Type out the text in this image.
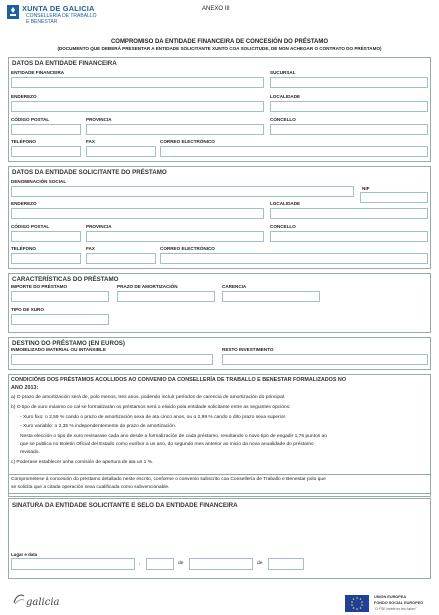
XUNTA DE GALICIA
CONSELLERÍA DE TRABALLO
E BENESTAR
ANEXO III
COMPROMISO DA ENTIDADE FINANCEIRA DE CONCESIÓN DO PRÉSTAMO
(DOCUMENTO QUE DEBERÁ PRESENTAR A ENTIDADE SOLICITANTE XUNTO COA SOLICITUDE, DE NON ACHEGAR O CONTRATO DO PRÉSTAMO)
DATOS DA ENTIDADE FINANCEIRA
ENTIDADE FINANCEIRA	SUCURSAL
ENDEREZO	LOCALIDADE
CÓDIGO POSTAL	PROVINCIA	CONCELLO
TELÉFONO	FAX	CORREO ELECTRÓNICO
DATOS DA ENTIDADE SOLICITANTE DO PRÉSTAMO
DENOMINACIÓN SOCIAL
NIF
ENDEREZO	LOCALIDADE
CÓDIGO POSTAL	PROVINCIA	CONCELLO
TELÉFONO	FAX	CORREO ELECTRÓNICO
CARACTERÍSTICAS DO PRÉSTAMO
IMPORTE DO PRÉSTAMO	PRAZO DE AMORTIZACIÓN	CARENCIA
TIPO DE XURO
DESTINO DO PRÉSTAMO (EN EUROS)
INMOBILIZADO MATERIAL OU INTANXIBLE	RESTO INVESTIMENTO
CONDICIÓNS DOS PRÉSTAMOS ACOLLIDOS AO CONVENIO DA CONSELLERÍA DE TRABALLO E BENESTAR FORMALIZADOS NO
ANO 2013:
a) O prazo de amortización será de, polo menos, tres anos, podendo incluír períodos de carencia de amortización do principal.
b) O tipo de xuro máximo co cal se formalizarán os préstamos será o elixido pola entidade solicitante entre as seguintes opcións:
- Xuro fixo: o 2,59 % cando o prazo de amortización sexa de ata cinco anos, ou o 2,99 % cando o dito prazo sexa superior.
- Xuro variable: o 2,35 % independentemente do prazo de amortización.
Nesta elección o tipo de xuro revisarase cada ano desde a formalización de cada préstamo, resultando o novo tipo de engadir 1,75 puntos ao
que se publica no Boletín Oficial del Estado como euríbor a un ano, do segundo mes anterior ao inicio da nova anualidade do préstamo
revisado.
c) Poderase establecer unha comisión de apertura de ata un 1 %.
Comprométese á concesión do préstamo detallado neste escrito, conforme o convenio subscrito coa Consellería de Traballo e Benestar polo que
se solicita que a citada operación sexa cualificada como subvencionable.
SINATURA DA ENTIDADE SOLICITANTE E SELO DA ENTIDADE FINANCEIRA
Lugar e data
,	de	de
galicia	UNIÓN EUROPEA
FONDO SOCIAL EUROPEO
"O FSE invirte no teu futuro"
